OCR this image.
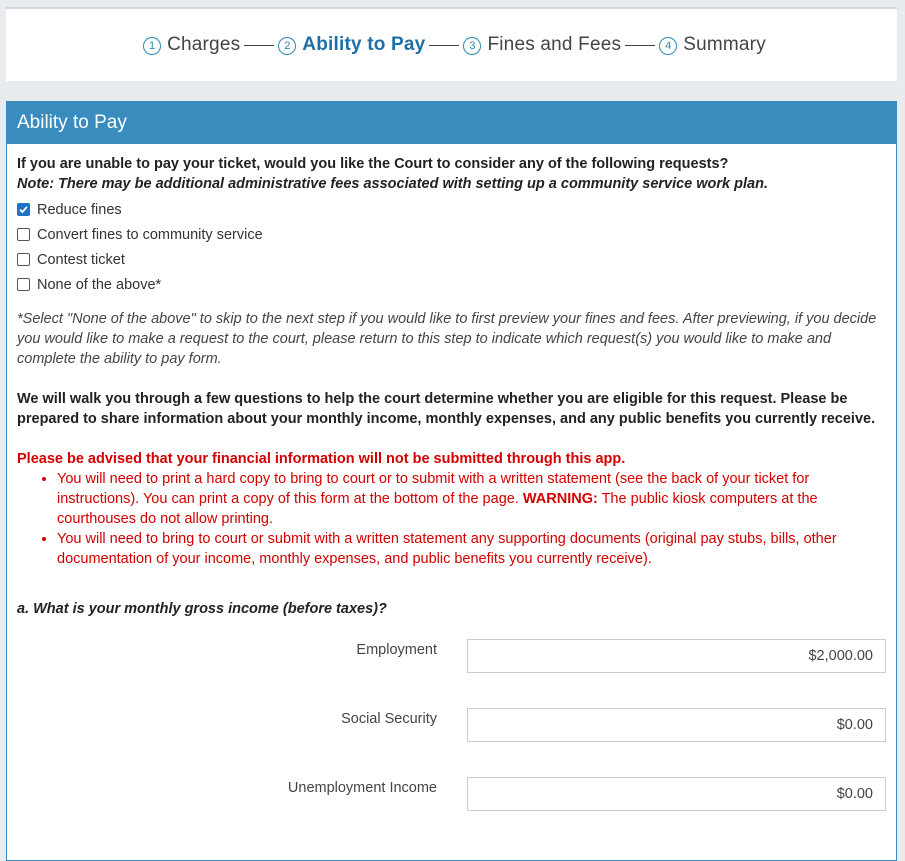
1 Charges	2 Ability to Pay	3 Fines and Fees	4 Summary
Ability to Pay
If you are unable to pay your ticket, would you like the Court to consider any of the following requests?
Note: There may be additional administrative fees associated with setting up a community service work plan.
Reduce fines
Convert fines to community service
Contest ticket
None of the above*
*Select "None of the above" to skip to the next step if you would like to first preview your fines and fees. After previewing, if you decide you would like to make a request to the court, please return to this step to indicate which request(s) you would like to make and complete the ability to pay form.
We will walk you through a few questions to help the court determine whether you are eligible for this request. Please be prepared to share information about your monthly income, monthly expenses, and any public benefits you currently receive.
Please be advised that your financial information will not be submitted through this app.
• You will need to print a hard copy to bring to court or to submit with a written statement (see the back of your ticket for instructions). You can print a copy of this form at the bottom of the page. WARNING: The public kiosk computers at the courthouses do not allow printing.
• You will need to bring to court or submit with a written statement any supporting documents (original pay stubs, bills, other documentation of your income, monthly expenses, and public benefits you currently receive).
a. What is your monthly gross income (before taxes)?
Employment
$2,000.00
Social Security
$0.00
Unemployment Income
$0.00
